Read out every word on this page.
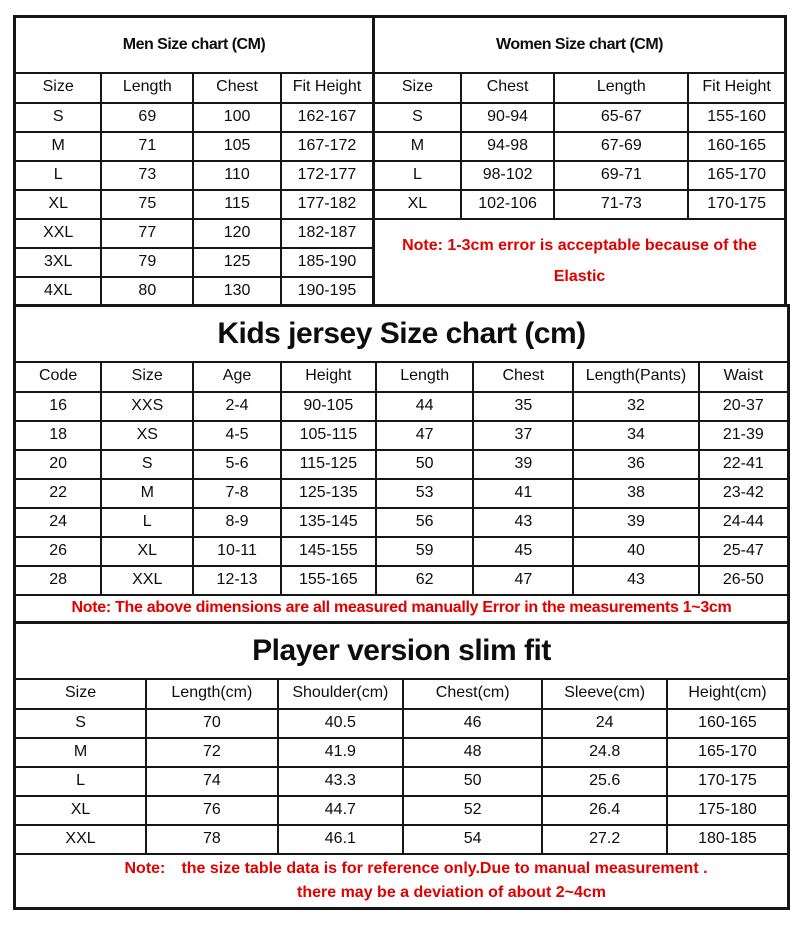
Men Size chart (CM)			
Size	Length	Chest	Fit Height
S	69	100	162-167
M	71	105	167-172
L	73	110	172-177
XL	75	115	177-182
XXL	77	120	182-187
3XL	79	125	185-190
4XL	80	130	190-195
Women Size chart (CM)			
Size	Chest	Length	Fit Height
S	90-94	65-67	155-160
M	94-98	67-69	160-165
L	98-102	69-71	165-170
XL	102-106	71-73	170-175

Note: 1-3cm error is acceptable because of the
Elastic			
Kids jersey Size chart (cm)							
Code	Size	Age	Height	Length	Chest	Length(Pants)	Waist
16	XXS	2-4	90-105	44	35	32	20-37
18	XS	4-5	105-115	47	37	34	21-39
20	S	5-6	115-125	50	39	36	22-41
22	M	7-8	125-135	53	41	38	23-42
24	L	8-9	135-145	56	43	39	24-44
26	XL	10-11	145-155	59	45	40	25-47
28	XXL	12-13	155-165	62	47	43	26-50
Note: The above dimensions are all measured manually Error in the measurements 1~3cm							
Player version slim fit					
Size	Length(cm)	Shoulder(cm)	Chest(cm)	Sleeve(cm)	Height(cm)
S	70	40.5	46	24	160-165
M	72	41.9	48	24.8	165-170
L	74	43.3	50	25.6	170-175
XL	76	44.7	52	26.4	175-180
XXL	78	46.1	54	27.2	180-185

Note: the size table data is for reference only.Due to manual measurement .
there may be a deviation of about 2~4cm					
